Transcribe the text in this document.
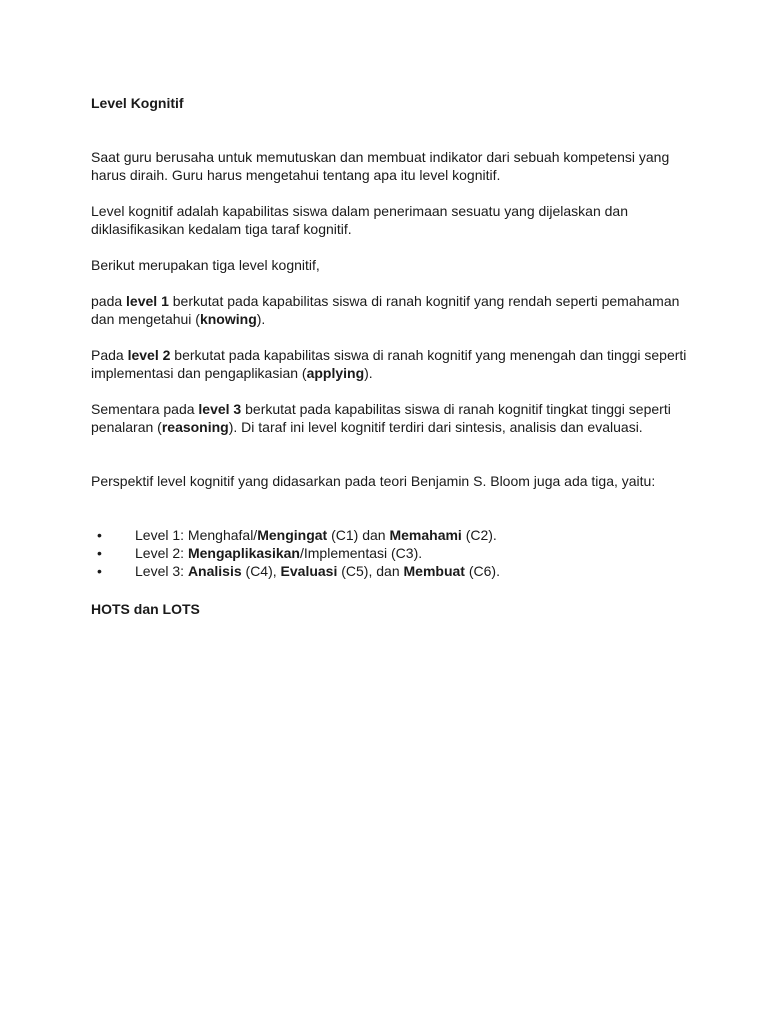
Level Kognitif

Saat guru berusaha untuk memutuskan dan membuat indikator dari sebuah kompetensi yang harus diraih. Guru harus mengetahui tentang apa itu level kognitif.

Level kognitif adalah kapabilitas siswa dalam penerimaan sesuatu yang dijelaskan dan diklasifikasikan kedalam tiga taraf kognitif.

Berikut merupakan tiga level kognitif,

pada level 1 berkutat pada kapabilitas siswa di ranah kognitif yang rendah seperti pemahaman dan mengetahui (knowing).

Pada level 2 berkutat pada kapabilitas siswa di ranah kognitif yang menengah dan tinggi seperti implementasi dan pengaplikasian (applying).

Sementara pada level 3 berkutat pada kapabilitas siswa di ranah kognitif tingkat tinggi seperti penalaran (reasoning). Di taraf ini level kognitif terdiri dari sintesis, analisis dan evaluasi.

Perspektif level kognitif yang didasarkan pada teori Benjamin S. Bloom juga ada tiga, yaitu:

• Level 1: Menghafal/Mengingat (C1) dan Memahami (C2).
• Level 2: Mengaplikasikan/Implementasi (C3).
• Level 3: Analisis (C4), Evaluasi (C5), dan Membuat (C6).
HOTS dan LOTS
